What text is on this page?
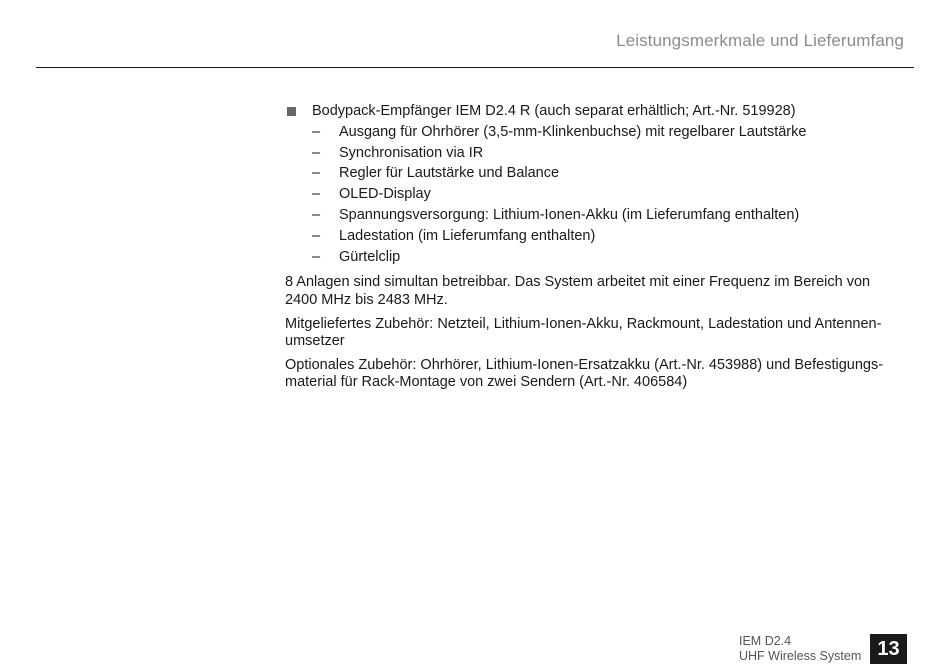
Leistungsmerkmale und Lieferumfang
Bodypack-Empfänger IEM D2.4 R (auch separat erhältlich; Art.-Nr. 519928)
– Ausgang für Ohrhörer (3,5-mm-Klinkenbuchse) mit regelbarer Lautstärke
– Synchronisation via IR
– Regler für Lautstärke und Balance
– OLED-Display
– Spannungsversorgung: Lithium-Ionen-Akku (im Lieferumfang enthalten)
– Ladestation (im Lieferumfang enthalten)
– Gürtelclip

8 Anlagen sind simultan betreibbar. Das System arbeitet mit einer Frequenz im Bereich von
2400 MHz bis 2483 MHz.

Mitgeliefertes Zubehör: Netzteil, Lithium-Ionen-Akku, Rackmount, Ladestation und Antennen-
umsetzer

Optionales Zubehör: Ohrhörer, Lithium-Ionen-Ersatzakku (Art.-Nr. 453988) und Befestigungs-
material für Rack-Montage von zwei Sendern (Art.-Nr. 406584)

IEM D2.4
UHF Wireless System 13
